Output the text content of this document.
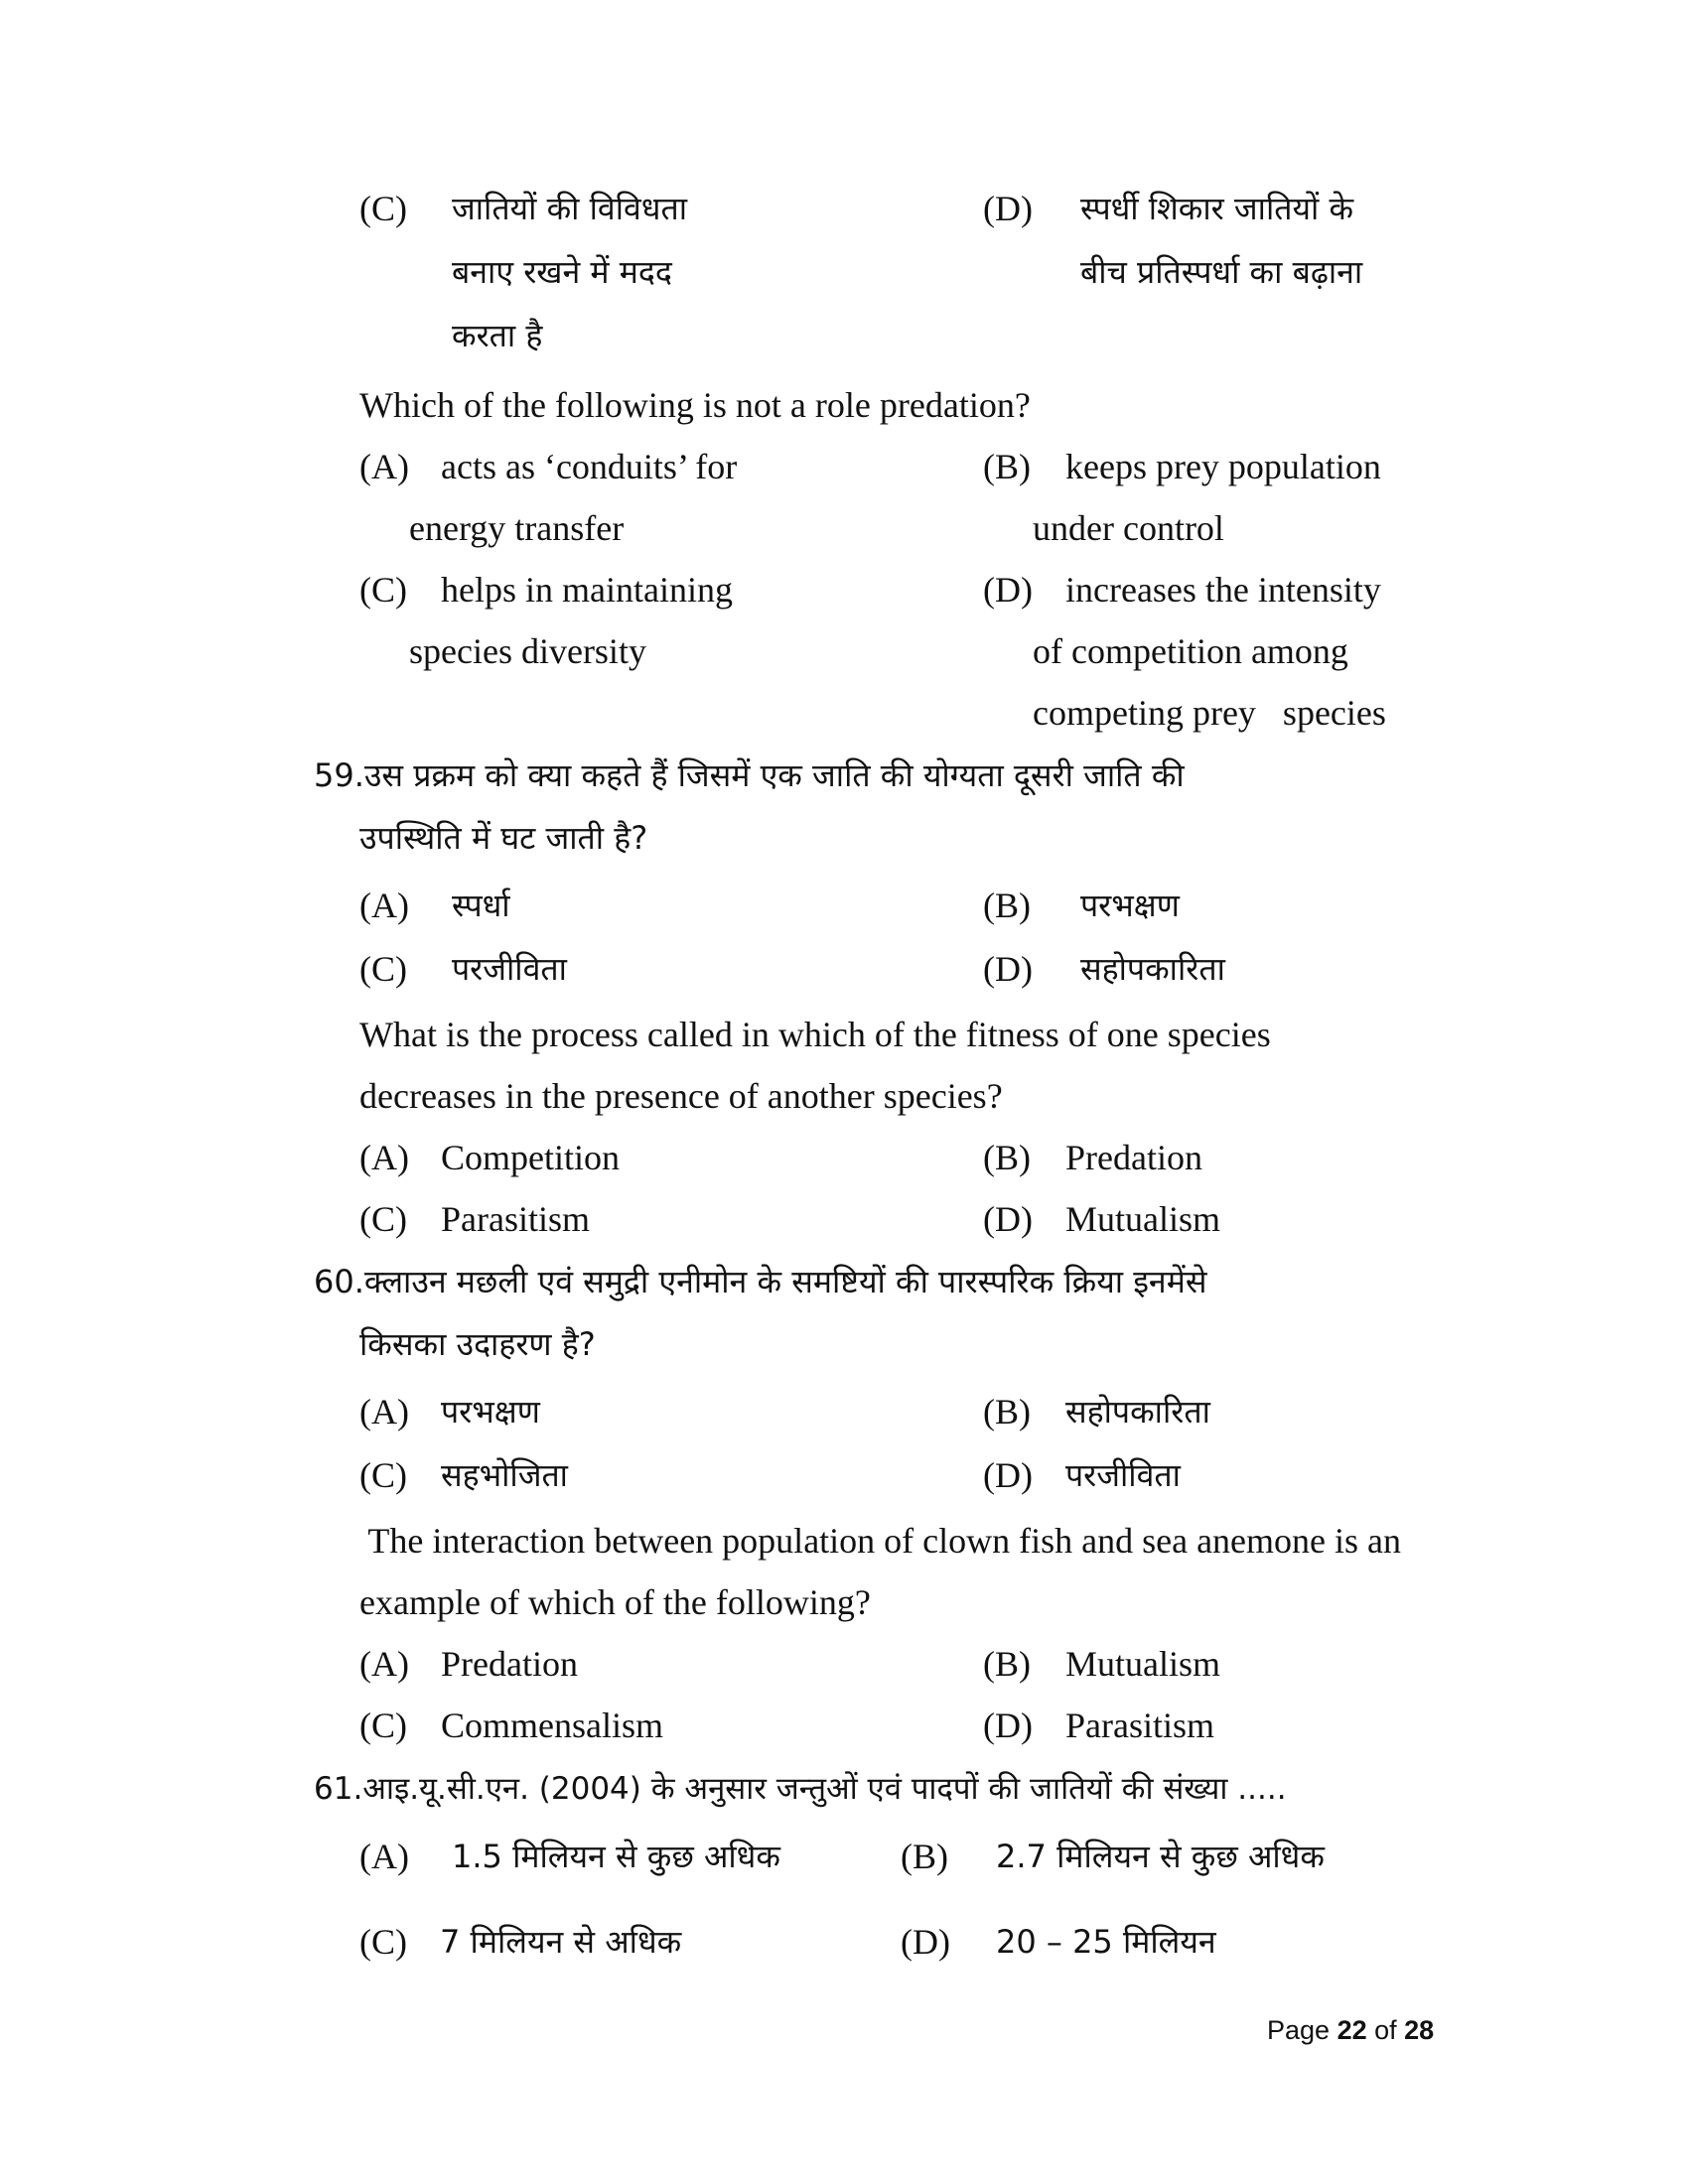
(C) जातियों की विविधता
बनाए रखने में मदद
करता है
(D) स्पर्धी शिकार जातियों के
बीच प्रतिस्पर्धा का बढ़ाना
Which of the following is not a role predation?
(A) acts as ‘conduits’ for
energy transfer
(B) keeps prey population
under control
(C) helps in maintaining
species diversity
(D) increases the intensity
of competition among
competing prey   species
59.उस प्रक्रम को क्या कहते हैं जिसमें एक जाति की योग्यता दूसरी जाति की
उपस्थिति में घट जाती है?
(A) स्पर्धा	(B) परभक्षण
(C) परजीविता	(D) सहोपकारिता
What is the process called in which of the fitness of one species
decreases in the presence of another species?
(A) Competition	(B) Predation
(C) Parasitism	(D) Mutualism
60.क्लाउन मछली एवं समुद्री एनीमोन के समष्टियों की पारस्परिक क्रिया इनमेंसे
किसका उदाहरण है?
(A) परभक्षण	(B) सहोपकारिता
(C) सहभोजिता	(D) परजीविता
The interaction between population of clown fish and sea anemone is an
example of which of the following?
(A) Predation	(B) Mutualism
(C) Commensalism	(D) Parasitism
61.आइ.यू.सी.एन. (2004) के अनुसार जन्तुओं एवं पादपों की जातियों की संख्या .....
(A) 1.5 मिलियन से कुछ अधिक	(B) 2.7 मिलियन से कुछ अधिक
(C) 7 मिलियन से अधिक	(D) 20 – 25 मिलियन
Page 22 of 28
